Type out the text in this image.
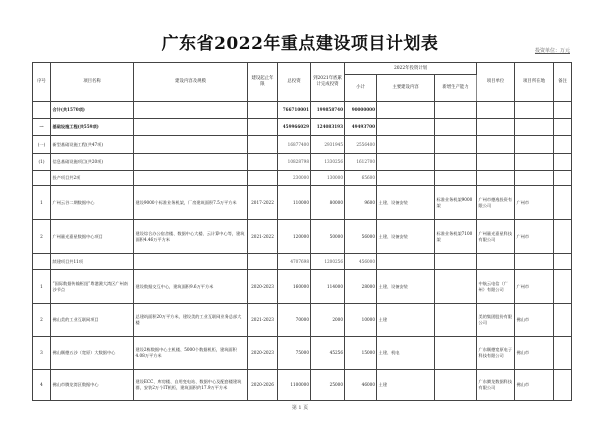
广东省2022年重点建设项目计划表	投资单位：万元
序号	项目名称	建设内容及规模	建设起止年限	总投资	到2021年底累计完成投资	2022年投资计划			项目单位	项目所在地	备注
						小计	主要建设内容	新增生产能力			
	合计(共1570项)			766710001	199858740	90000000					
一	基础设施工程(共559项)			459966029	124083193	49493700					
(一)	新型基础设施工程(共47项)			16877400	2931945	2556400					
(1)	信息基础设施项目(共20项)			10828798	1330256	1612700					
	投产项目共2项			230000	130000	65600					
1	广州云谷二期数据中心	建设9000个标准业务机架，厂房建筑面积7.5万平方米	2017-2022	110000	80000	9600	土建、设备安装	标准业务机架9000架	广州市德逸投资有限公司	广州市	
2	广州量光嘉星数据中心项目	建设综合办公宿舍楼、数据中心大楼、云计算中心等，建筑面积4.46万平方米	2021-2022	120000	50000	56000	土建、设备安装	标准业务机架7100架	广州量光嘉星科技有限公司	广州市	
	续建项目共11项			4707698	1200256	456000					
1	“国际数据传输枢纽”粤港澳大湾区广州南沙节点	建设数据交互中心，建筑面积9.6万平方米	2020-2023	160000	114000	28000	土建、设备安装		中航云电信（广州）有限公司	广州市	
2	佛山美的工业互联网项目	总建筑面积20万平方米，建设美的工业互联网业务总部大楼	2021-2023	70000	2000	10000	土建		美的集团股份有限公司	佛山市	
3	佛山顺德五沙（宽原）大数据中心	建设2栋数据中心主机楼、5000个数据机柜，建筑面积4.08万平方米	2020-2023	75000	45256	15000	土建、机电		广东顺德宽原电子科技有限公司	佛山市	
4	佛山市腾龙湾区数据中心	建设ECC、库房楼、自用变电站、数据中心及配套楼建筑群，安装2万个IT机柜，建筑面积约17.9万平方米	2020-2026	1100000	25000	46000	土建		广东腾龙数据科技有限公司	佛山市	
第 1 页
